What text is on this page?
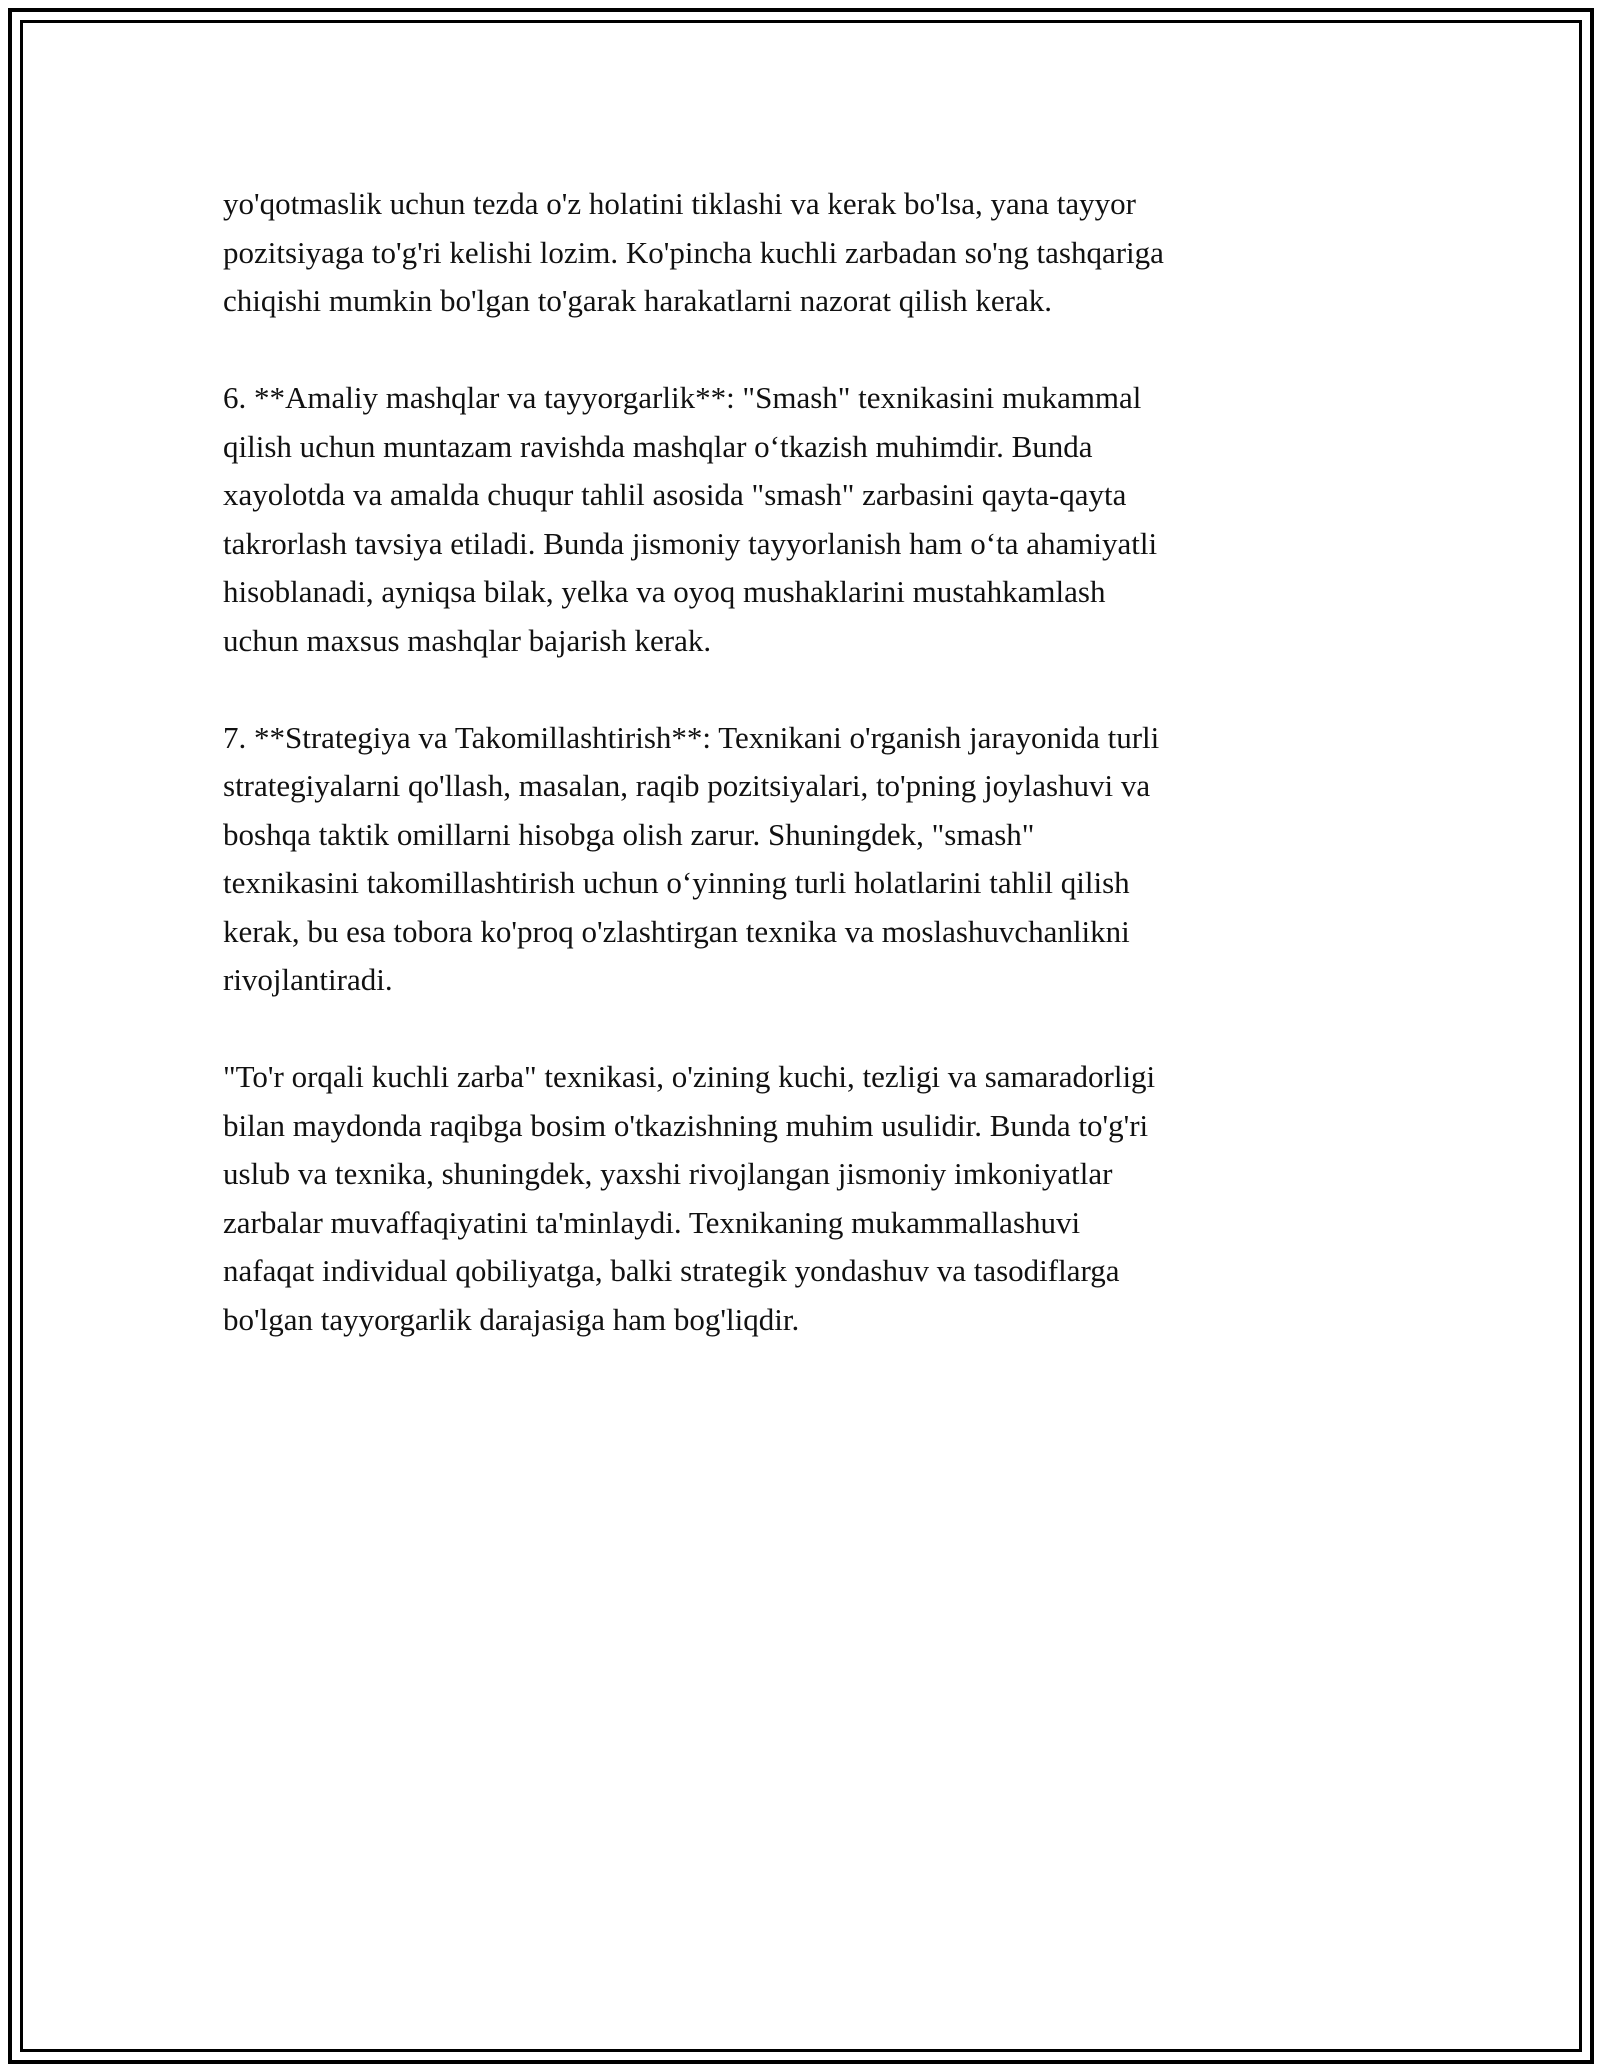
yo'qotmaslik uchun tezda o'z holatini tiklashi va kerak bo'lsa, yana tayyor
pozitsiyaga to'g'ri kelishi lozim. Ko'pincha kuchli zarbadan so'ng tashqariga
chiqishi mumkin bo'lgan to'garak harakatlarni nazorat qilish kerak.

6. **Amaliy mashqlar va tayyorgarlik**: "Smash" texnikasini mukammal
qilish uchun muntazam ravishda mashqlar o‘tkazish muhimdir. Bunda
xayolotda va amalda chuqur tahlil asosida "smash" zarbasini qayta-qayta
takrorlash tavsiya etiladi. Bunda jismoniy tayyorlanish ham o‘ta ahamiyatli
hisoblanadi, ayniqsa bilak, yelka va oyoq mushaklarini mustahkamlash
uchun maxsus mashqlar bajarish kerak.

7. **Strategiya va Takomillashtirish**: Texnikani o'rganish jarayonida turli
strategiyalarni qo'llash, masalan, raqib pozitsiyalari, to'pning joylashuvi va
boshqa taktik omillarni hisobga olish zarur. Shuningdek, "smash"
texnikasini takomillashtirish uchun o‘yinning turli holatlarini tahlil qilish
kerak, bu esa tobora ko'proq o'zlashtirgan texnika va moslashuvchanlikni
rivojlantiradi.

"To'r orqali kuchli zarba" texnikasi, o'zining kuchi, tezligi va samaradorligi
bilan maydonda raqibga bosim o'tkazishning muhim usulidir. Bunda to'g'ri
uslub va texnika, shuningdek, yaxshi rivojlangan jismoniy imkoniyatlar
zarbalar muvaffaqiyatini ta'minlaydi. Texnikaning mukammallashuvi
nafaqat individual qobiliyatga, balki strategik yondashuv va tasodiflarga
bo'lgan tayyorgarlik darajasiga ham bog'liqdir.
